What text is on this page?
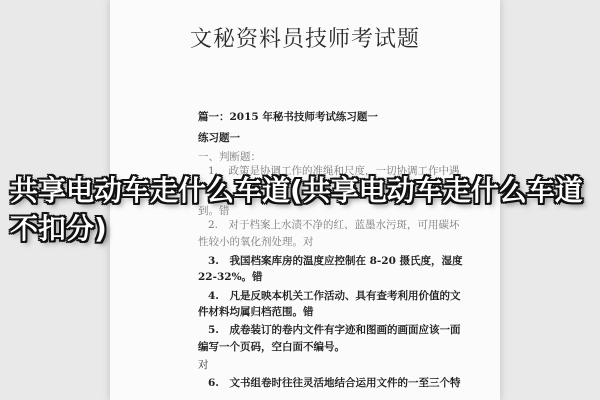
文秘资料员技师考试题
篇一：2015 年秘书技师考试练习题一
练习题一
一、判断题：
1.　政策是协调工作的准绳和尺度，一切协调工作中遇
到。错
2.　对于档案上水渍不净的红、蓝墨水污斑，可用碳坏
性较小的氧化剂处理。对
3.　我国档案库房的温度应控制在 8-20 摄氏度，湿度
22-32%。错
4.　凡是反映本机关工作活动、具有查考利用价值的文
件材料均属归档范围。错
5.　成卷装订的卷内文件有字迹和图画的画面应该一面
编写一个页码，空白面不编号。
对
6.　文书组卷时往往灵活地结合运用文件的一至三个特
共享电动车走什么车道(共享电动车走什么车道不扣分)
